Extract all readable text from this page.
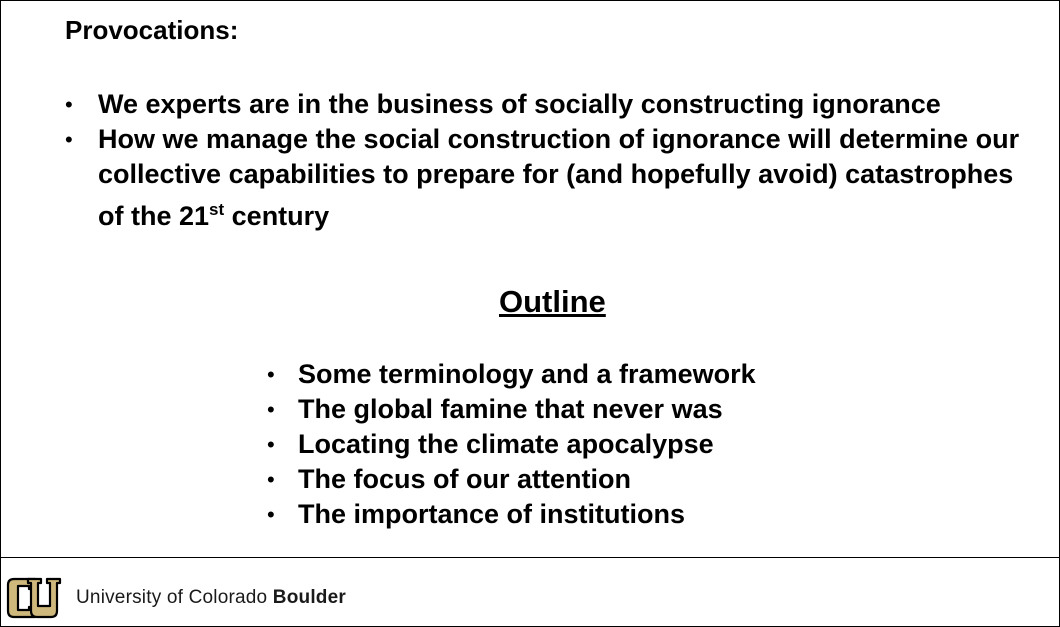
Provocations:
• We experts are in the business of socially constructing ignorance
• How we manage the social construction of ignorance will determine our collective capabilities to prepare for (and hopefully avoid) catastrophes of the 21st century
Outline
• Some terminology and a framework
• The global famine that never was
• Locating the climate apocalypse
• The focus of our attention
• The importance of institutions
University of Colorado Boulder
